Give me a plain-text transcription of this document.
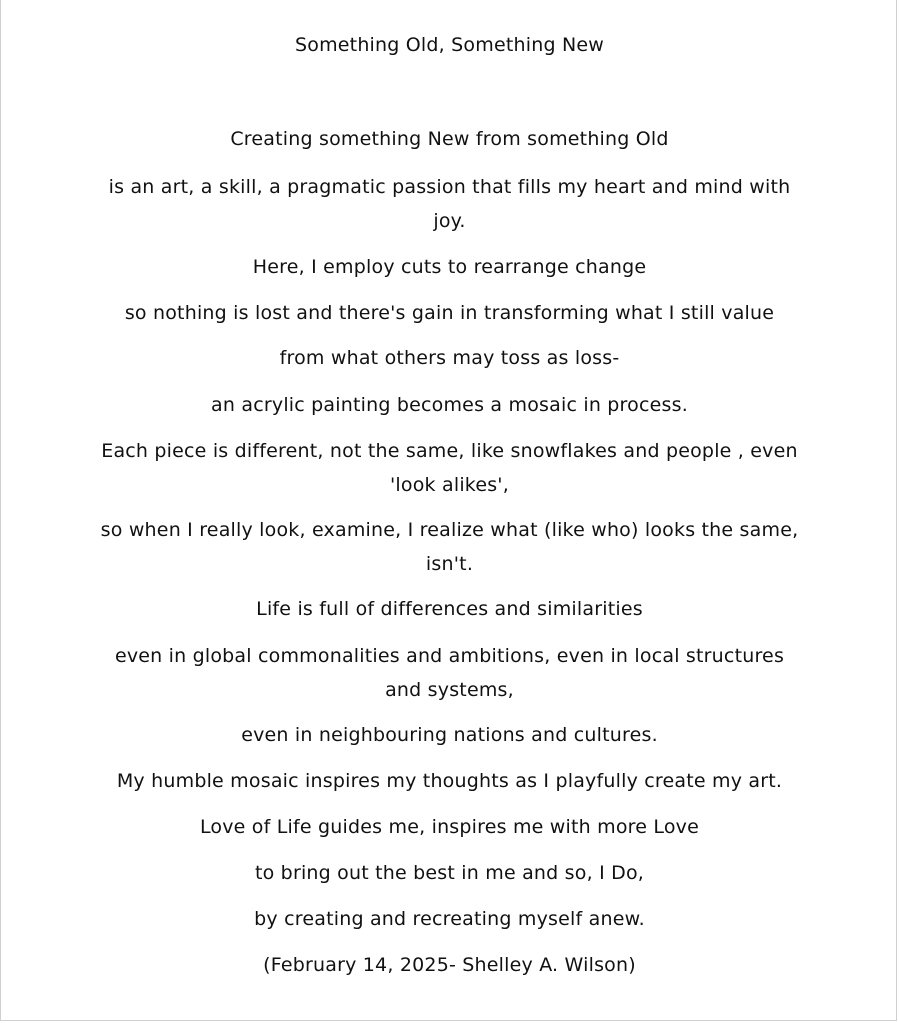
Something Old, Something New
Creating something New from something Old
is an art, a skill, a pragmatic passion that fills my heart and mind with joy.
Here, I employ cuts to rearrange change
so nothing is lost and there's gain in transforming what I still value
from what others may toss as loss-
an acrylic painting becomes a mosaic in process.
Each piece is different, not the same, like snowflakes and people , even 'look alikes',
so when I really look, examine, I realize what (like who) looks the same, isn't.
Life is full of differences and similarities
even in global commonalities and ambitions, even in local structures and systems,
even in neighbouring nations and cultures.
My humble mosaic inspires my thoughts as I playfully create my art.
Love of Life guides me, inspires me with more Love
to bring out the best in me and so, I Do,
by creating and recreating myself anew.
(February 14, 2025- Shelley A. Wilson)
